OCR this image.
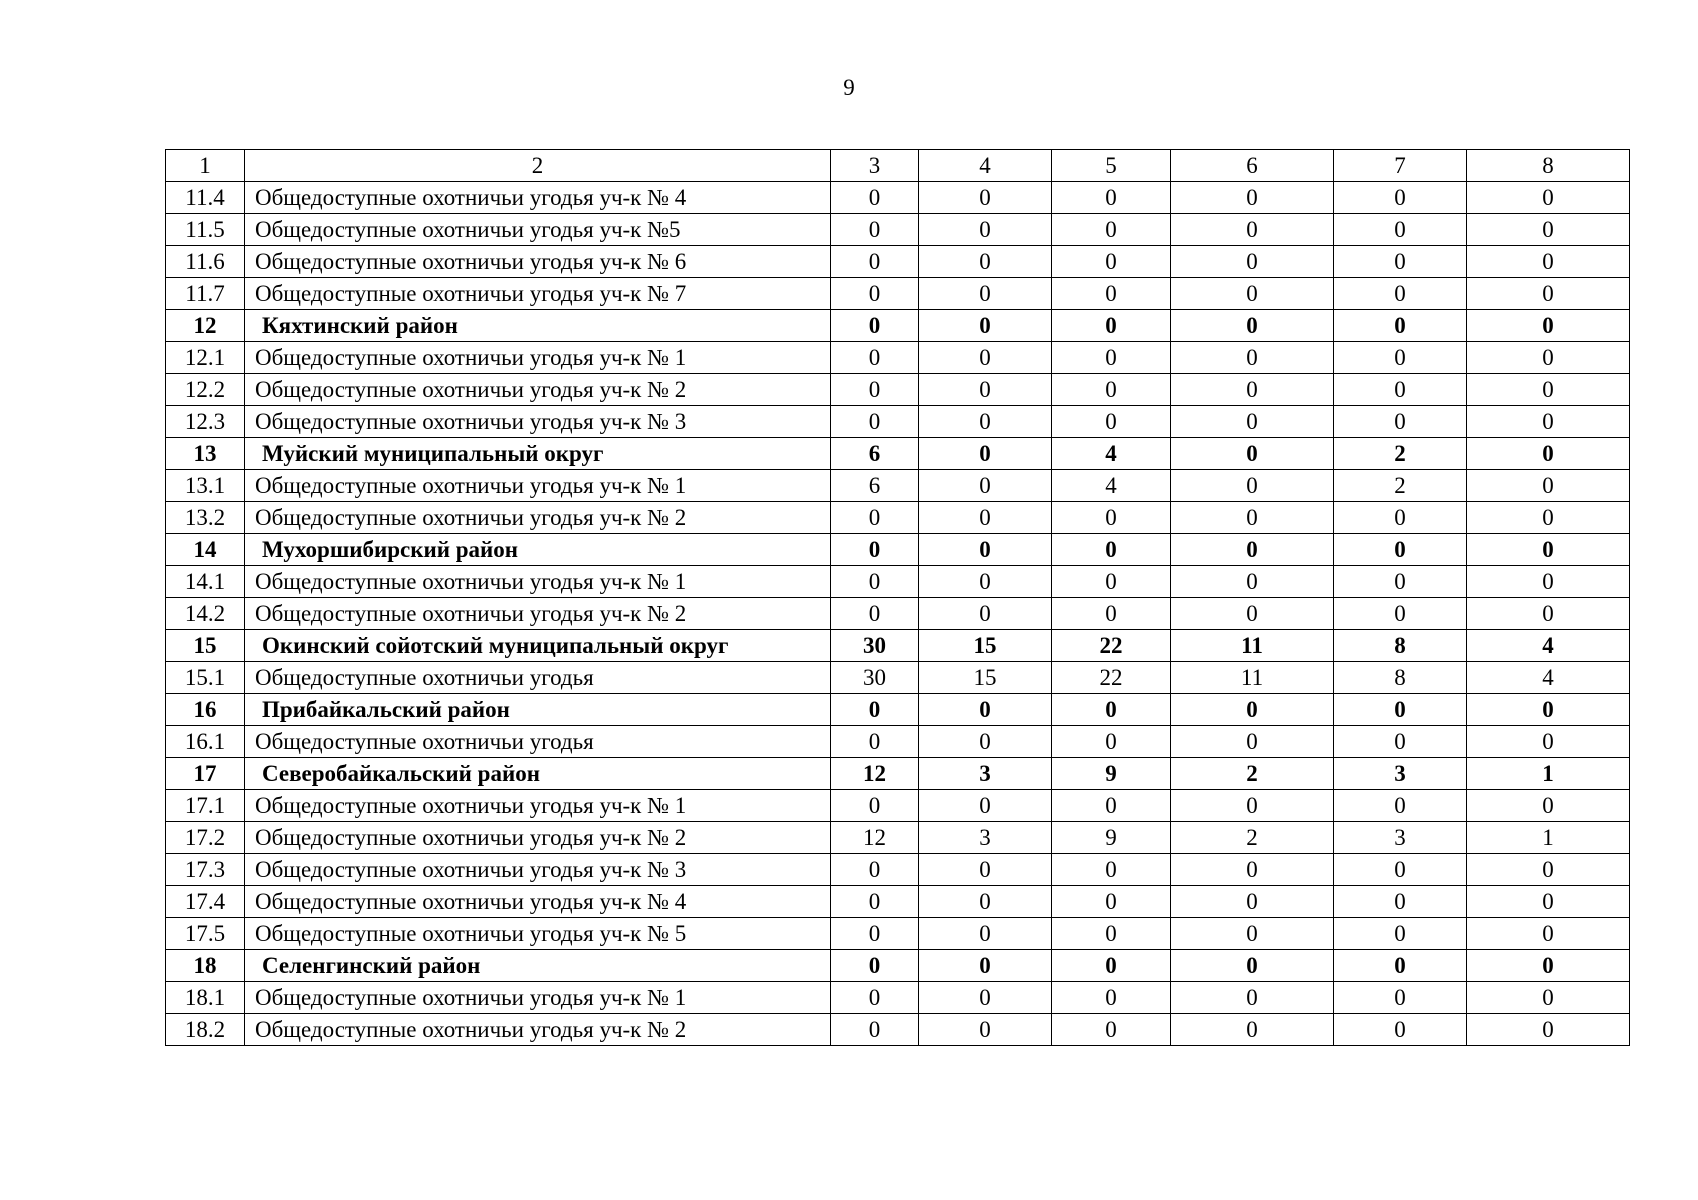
9
1	2	3	4	5	6	7	8
11.4	Общедоступные охотничьи угодья уч-к № 4	0	0	0	0	0	0
11.5	Общедоступные охотничьи угодья уч-к №5	0	0	0	0	0	0
11.6	Общедоступные охотничьи угодья уч-к № 6	0	0	0	0	0	0
11.7	Общедоступные охотничьи угодья уч-к № 7	0	0	0	0	0	0
12	Кяхтинский район	0	0	0	0	0	0
12.1	Общедоступные охотничьи угодья уч-к № 1	0	0	0	0	0	0
12.2	Общедоступные охотничьи угодья уч-к № 2	0	0	0	0	0	0
12.3	Общедоступные охотничьи угодья уч-к № 3	0	0	0	0	0	0
13	Муйский муниципальный округ	6	0	4	0	2	0
13.1	Общедоступные охотничьи угодья уч-к № 1	6	0	4	0	2	0
13.2	Общедоступные охотничьи угодья уч-к № 2	0	0	0	0	0	0
14	Мухоршибирский район	0	0	0	0	0	0
14.1	Общедоступные охотничьи угодья уч-к № 1	0	0	0	0	0	0
14.2	Общедоступные охотничьи угодья уч-к № 2	0	0	0	0	0	0
15	Окинский сойотский муниципальный округ	30	15	22	11	8	4
15.1	Общедоступные охотничьи угодья	30	15	22	11	8	4
16	Прибайкальский район	0	0	0	0	0	0
16.1	Общедоступные охотничьи угодья	0	0	0	0	0	0
17	Северобайкальский район	12	3	9	2	3	1
17.1	Общедоступные охотничьи угодья уч-к № 1	0	0	0	0	0	0
17.2	Общедоступные охотничьи угодья уч-к № 2	12	3	9	2	3	1
17.3	Общедоступные охотничьи угодья уч-к № 3	0	0	0	0	0	0
17.4	Общедоступные охотничьи угодья уч-к № 4	0	0	0	0	0	0
17.5	Общедоступные охотничьи угодья уч-к № 5	0	0	0	0	0	0
18	Селенгинский район	0	0	0	0	0	0
18.1	Общедоступные охотничьи угодья уч-к № 1	0	0	0	0	0	0
18.2	Общедоступные охотничьи угодья уч-к № 2	0	0	0	0	0	0
